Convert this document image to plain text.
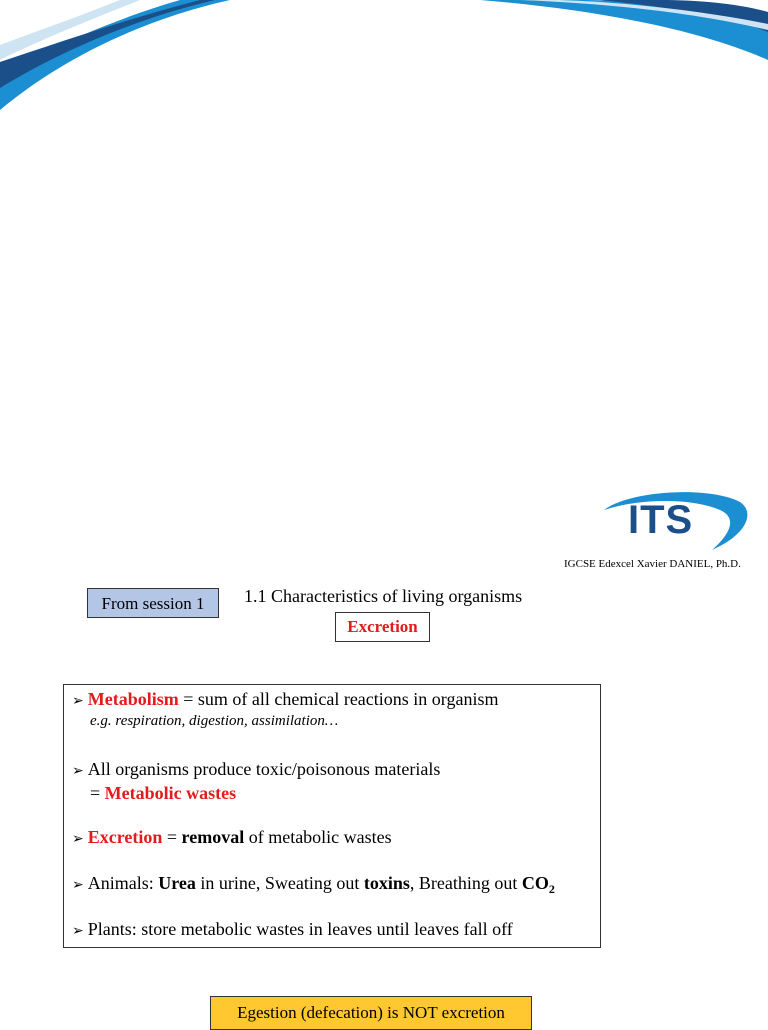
ITS
IGCSE Edexcel Xavier DANIEL, Ph.D.
From session 1	1.1 Characteristics of living organisms
Excretion
➢ Metabolism = sum of all chemical reactions in organism
e.g. respiration, digestion, assimilation…
➢ All organisms produce toxic/poisonous materials
= Metabolic wastes
➢ Excretion = removal of metabolic wastes
➢ Animals: Urea in urine, Sweating out toxins, Breathing out $CO_2$
➢ Plants: store metabolic wastes in leaves until leaves fall off
Egestion (defecation) is NOT excretion
